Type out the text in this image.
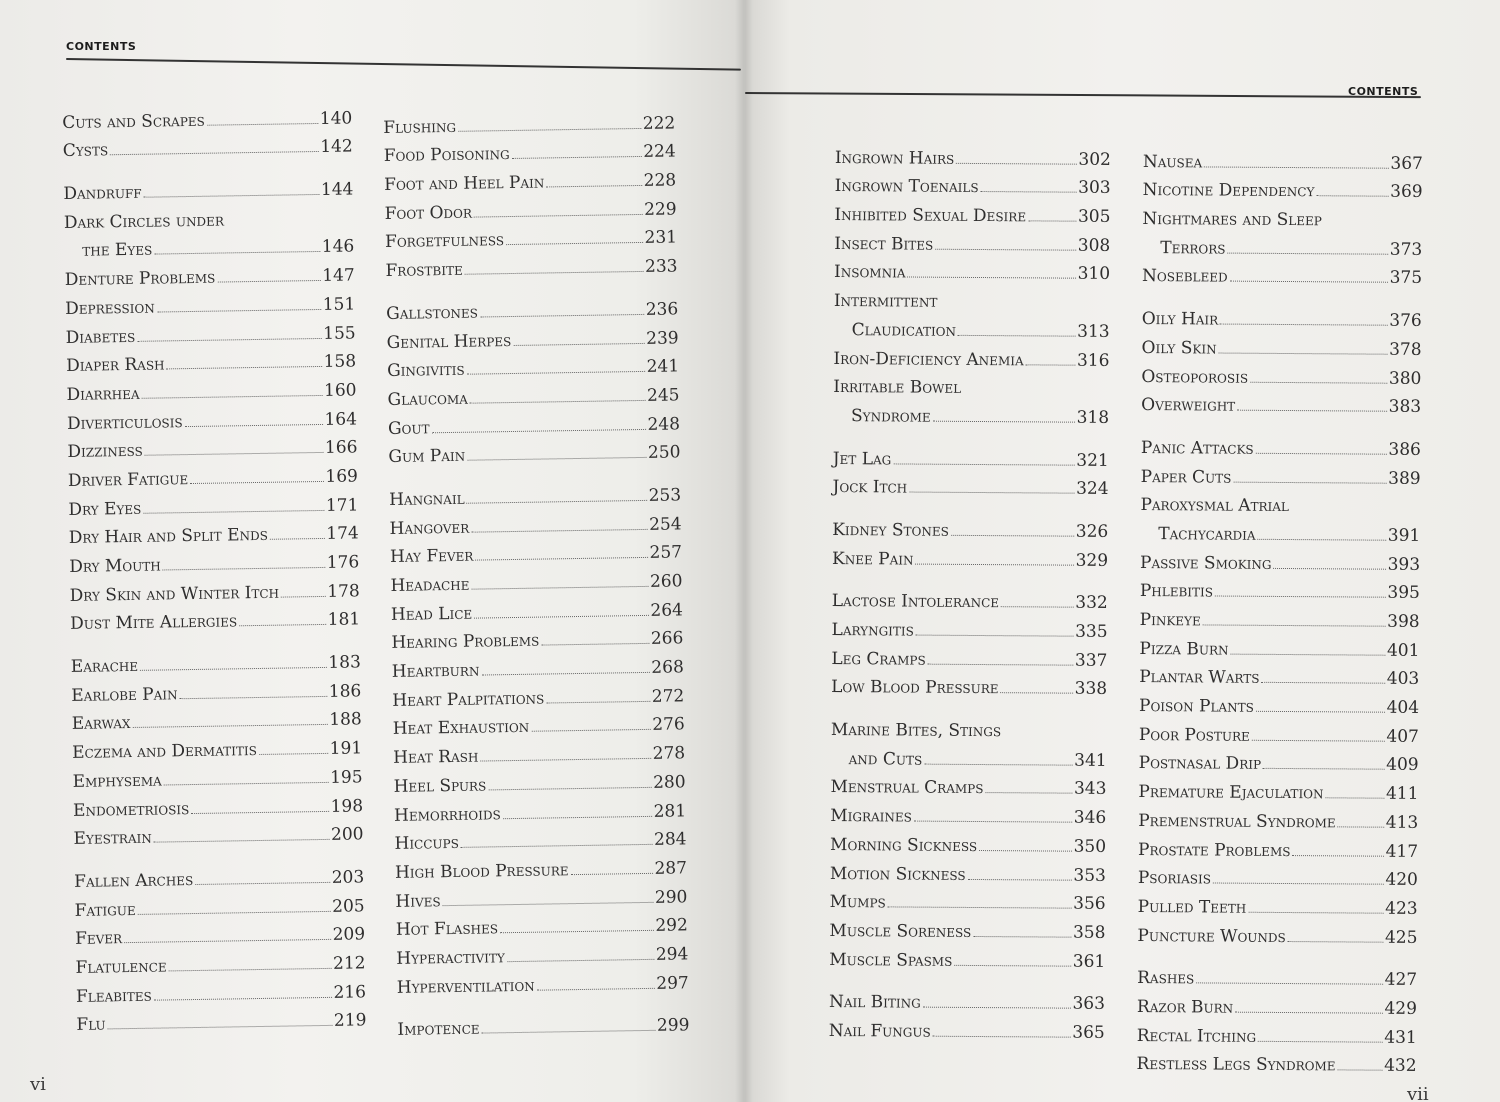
CONTENTS
Cuts and Scrapes	140
Cysts	142
Dandruff	144
Dark Circles under
the Eyes	146
Denture Problems	147
Depression	151
Diabetes	155
Diaper Rash	158
Diarrhea	160
Diverticulosis	164
Dizziness	166
Driver Fatigue	169
Dry Eyes	171
Dry Hair and Split Ends	174
Dry Mouth	176
Dry Skin and Winter Itch	178
Dust Mite Allergies	181
Earache	183
Earlobe Pain	186
Earwax	188
Eczema and Dermatitis	191
Emphysema	195
Endometriosis	198
Eyestrain	200
Fallen Arches	203
Fatigue	205
Fever	209
Flatulence	212
Fleabites	216
Flu	219
Flushing	222
Food Poisoning	224
Foot and Heel Pain	228
Foot Odor	229
Forgetfulness	231
Frostbite	233
Gallstones	236
Genital Herpes	239
Gingivitis	241
Glaucoma	245
Gout	248
Gum Pain	250
Hangnail	253
Hangover	254
Hay Fever	257
Headache	260
Head Lice	264
Hearing Problems	266
Heartburn	268
Heart Palpitations	272
Heat Exhaustion	276
Heat Rash	278
Heel Spurs	280
Hemorrhoids	281
Hiccups	284
High Blood Pressure	287
Hives	290
Hot Flashes	292
Hyperactivity	294
Hyperventilation	297
Impotence	299
vi
CONTENTS
Ingrown Hairs	302
Ingrown Toenails	303
Inhibited Sexual Desire	305
Insect Bites	308
Insomnia	310
Intermittent
Claudication	313
Iron-Deficiency Anemia	316
Irritable Bowel
Syndrome	318
Jet Lag	321
Jock Itch	324
Kidney Stones	326
Knee Pain	329
Lactose Intolerance	332
Laryngitis	335
Leg Cramps	337
Low Blood Pressure	338
Marine Bites, Stings
and Cuts	341
Menstrual Cramps	343
Migraines	346
Morning Sickness	350
Motion Sickness	353
Mumps	356
Muscle Soreness	358
Muscle Spasms	361
Nail Biting	363
Nail Fungus	365
Nausea	367
Nicotine Dependency	369
Nightmares and Sleep
Terrors	373
Nosebleed	375
Oily Hair	376
Oily Skin	378
Osteoporosis	380
Overweight	383
Panic Attacks	386
Paper Cuts	389
Paroxysmal Atrial
Tachycardia	391
Passive Smoking	393
Phlebitis	395
Pinkeye	398
Pizza Burn	401
Plantar Warts	403
Poison Plants	404
Poor Posture	407
Postnasal Drip	409
Premature Ejaculation	411
Premenstrual Syndrome	413
Prostate Problems	417
Psoriasis	420
Pulled Teeth	423
Puncture Wounds	425
Rashes	427
Razor Burn	429
Rectal Itching	431
Restless Legs Syndrome	432
vii
